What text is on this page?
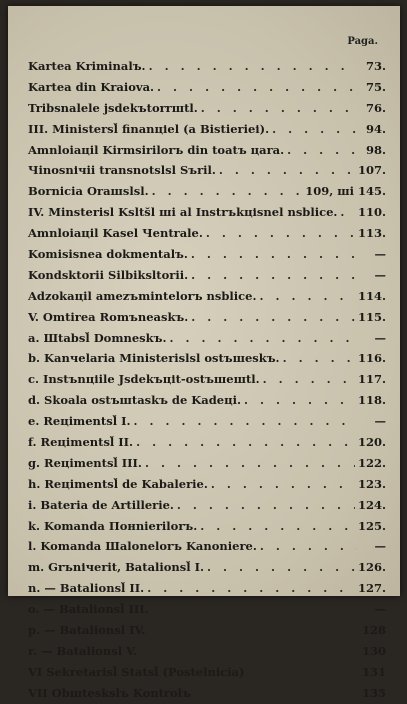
Paga.
Kartea Kriminalъ. . . .	73.
Kartea din Kraiova. . . .	75.
Tribsnalele jsdekъtorrшtl. . . .	76.
III. Ministersl̆ finanціel (a Bistierieі). . . .	94.
Amnloiaцil Kirmsirilorъ din toatъ цara. . . .	98.
Чinosnічii transnotslsl Sъril. . . .	107.
Bornicia Oraшslsl. . . .	109, шi 145.
IV. Minsterisl Kslts̆l шi al Instrъkціsnel nsblice. . . . 110.
Amnloiaцil Kasel Чentrale. . . .	113.
Komisisnea dokmentalъ. . . .	—
Kondsktorii Silbiksltorii. . . .	—
Adzokaцil amezъmintelorъ nsblice. . . .	114.
V. Omtirea Romъneaskъ. . . .	115.
a. Шtabsl̆ Domneskъ. . . .	—
b. Kanчelaria Ministerislsl ostъшeskъ. . . .	116.
c. Instъnціile Jsdekъціt-ostъшeшtl. . . .	117.
d. Skoala ostъшtaskъ de Kadeцi. . . .	118.
e. Reцimentsl̆ I. . . .	—
f. Reцimentsl̆ II. . . .	120.
g. Reцimentsl̆ III. . . .	122.
h. Reцimentsl̆ de Kabalerie. . . .	123.
i. Bateria de Artillerie. . . .	124.
k. Komanda Понnierilorъ. . . .	125.
l. Komanda Шalonelorъ Kanonierе. . . .	—
m. Grъnічerit, Batalionsl̆ I. . . .	126.
n. — Batalionsl̆ II. . . .	127.
o. — Batalionsl̆ III. . . .	—
p. — Batalionsl IV. . . .	128
r. — Batalionsl V. . . .	130
VI Sekretarisl̆ Statsl̆ (Postelnicia) . . .	131
VII Obшteskslъ Kontrolъ . . .	135
